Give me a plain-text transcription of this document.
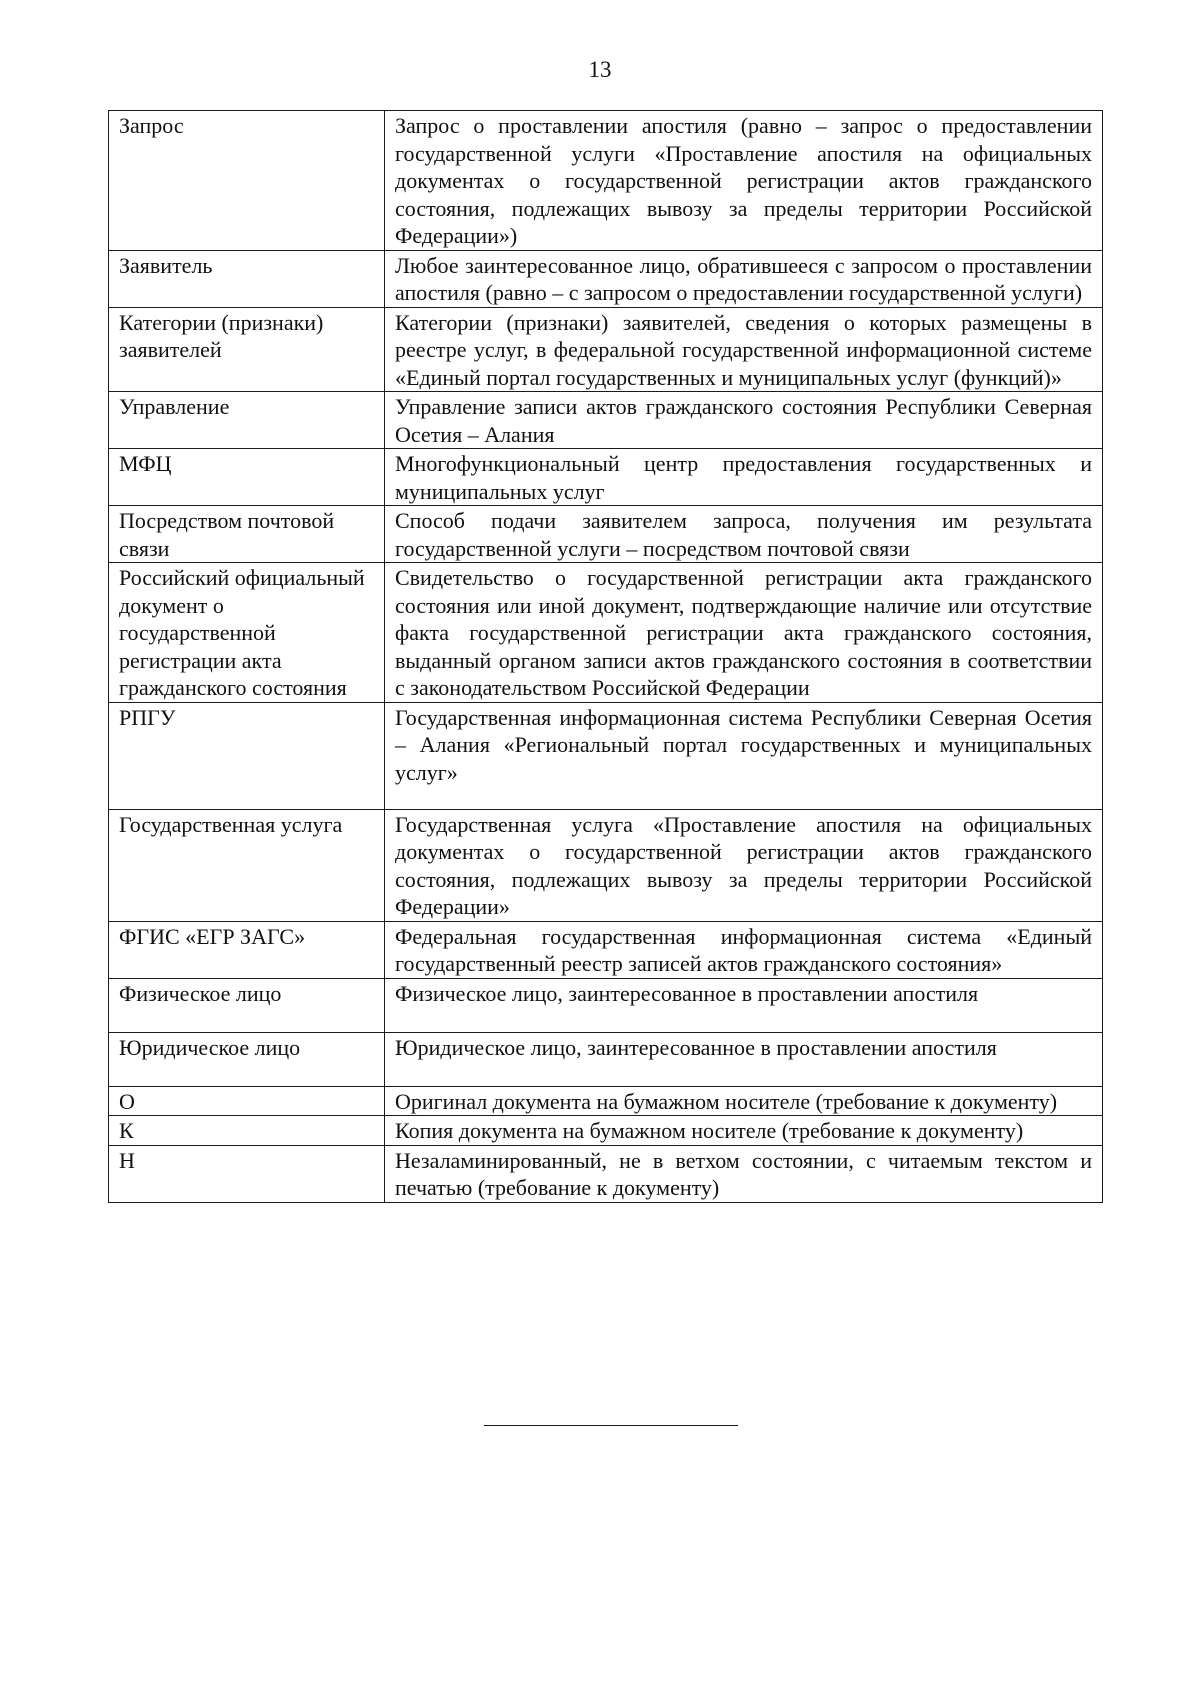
13
Запрос	Запрос о проставлении апостиля (равно – запрос о предоставлении государственной услуги «Проставление апостиля на официальных документах о государственной регистрации актов гражданского состояния, подлежащих вывозу за пределы территории Российской Федерации»)
Заявитель	Любое заинтересованное лицо, обратившееся с запросом о проставлении апостиля (равно – с запросом о предоставлении государственной услуги)
Категории (признаки) заявителей	Категории (признаки) заявителей, сведения о которых размещены в реестре услуг, в федеральной государственной информационной системе «Единый портал государственных и муниципальных услуг (функций)»
Управление	Управление записи актов гражданского состояния Республики Северная Осетия – Алания
МФЦ	Многофункциональный центр предоставления государственных и муниципальных услуг
Посредством почтовой связи	Способ подачи заявителем запроса, получения им результата государственной услуги – посредством почтовой связи
Российский официальный документ о государственной регистрации акта гражданского состояния	Свидетельство о государственной регистрации акта гражданского состояния или иной документ, подтверждающие наличие или отсутствие факта государственной регистрации акта гражданского состояния, выданный органом записи актов гражданского состояния в соответствии с законодательством Российской Федерации
РПГУ	Государственная информационная система Республики Северная Осетия – Алания «Региональный портал государственных и муниципальных услуг»
Государственная услуга	Государственная услуга «Проставление апостиля на официальных документах о государственной регистрации актов гражданского состояния, подлежащих вывозу за пределы территории Российской Федерации»
ФГИС «ЕГР ЗАГС»	Федеральная государственная информационная система «Единый государственный реестр записей актов гражданского состояния»
Физическое лицо	Физическое лицо, заинтересованное в проставлении апостиля
Юридическое лицо	Юридическое лицо, заинтересованное в проставлении апостиля
О	Оригинал документа на бумажном носителе (требование к документу)
К	Копия документа на бумажном носителе (требование к документу)
Н	Незаламинированный, не в ветхом состоянии, с читаемым текстом и печатью (требование к документу)
